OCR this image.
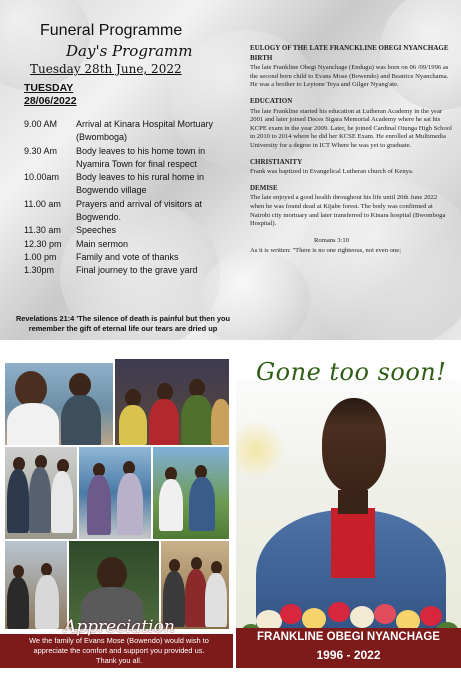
Funeral Programme
Day's Programm
Tuesday 28th June, 2022
TUESDAY
28/06/2022
9.00 AM	Arrival at Kinara Hospital Mortuary (Bwomboga)
9.30 Am	Body leaves to his home town in Nyamira Town for final respect
10.00am	Body leaves to his rural home in Bogwendo village
11.00 am	Prayers and arrival of visitors at Bogwendo.
11.30 am	Speeches
12.30 pm	Main sermon
1.00 pm	Family and vote of thanks
1.30pm	Final journey to the grave yard
Revelations 21:4 'The silence of death is painful but then you remember the gift of eternal life our tears are dried up
EULOGY OF THE LATE FRANCKLINE OBEGI NYANCHAGE
BIRTH
The late Frankline Obegi Nyanchage (Endugu) was born on 06 /09/1996 as the second born child to Evans Mose (Bowendo) and Beatrice Nyanchama. He was a brother to Leytone Teya and Gilger Nyang'ate.
EDUCATION
The late Frankline started his education at Lutheran Academy in the year 2001 and later joined Deces Sigara Memorial Academy where he sat his KCPE exam in the year 2009. Later, he joined Cardinal Otunga High School in 2010 to 2014 where he did her KCSE Exam. He enrolled at Multimedia University for a degree in ICT Where he was yet to graduate.
CHRISTIANITY
Frank was baptized in Evangelical Lutheran church of Kenya.
DEMISE
The late enjoyed a good health throughout his life until 20th June 2022 when he was found dead at Kijabe forest. The body was confirmed at Nairobi city mortuary and later transferred to Kinara hospital (Bwomboga Hospital).
Romans 3:10
As it is written: "There is no one righteous, not even one;
Appreciation
We the family of Evans Mose (Bowendo) would wish to appreciate the comfort and support you provided us. Thank you all.
Gone too soon!
FRANKLINE OBEGI NYANCHAGE
1996 - 2022
